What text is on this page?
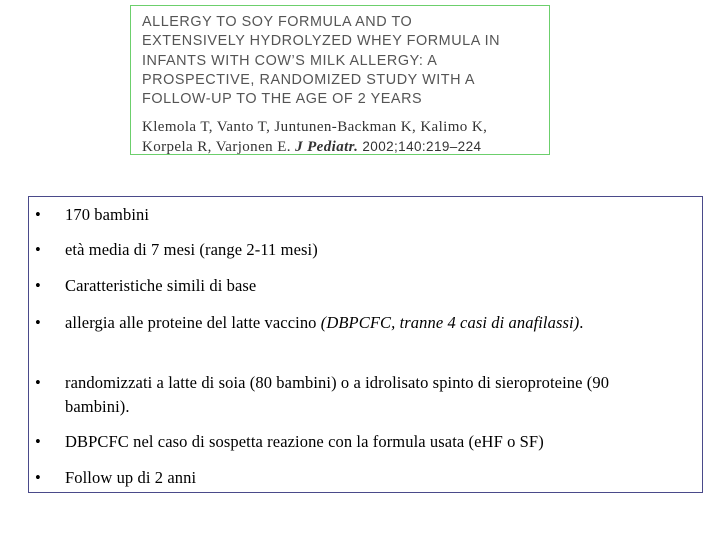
ALLERGY TO SOY FORMULA AND TO
EXTENSIVELY HYDROLYZED WHEY FORMULA IN
INFANTS WITH COW’S MILK ALLERGY: A
PROSPECTIVE, RANDOMIZED STUDY WITH A
FOLLOW-UP TO THE AGE OF 2 YEARS
Klemola T, Vanto T, Juntunen-Backman K, Kalimo K,
Korpela R, Varjonen E. J Pediatr. 2002;140:219–224
• 170 bambini
• età media di 7 mesi (range 2-11 mesi)
• Caratteristiche simili di base
• allergia alle proteine del latte vaccino (DBPCFC, tranne 4 casi di anafilassi).
• randomizzati a latte di soia (80 bambini) o a idrolisato spinto di sieroproteine (90 bambini).
• DBPCFC nel caso di sospetta reazione con la formula usata (eHF o SF)
• Follow up di 2 anni
